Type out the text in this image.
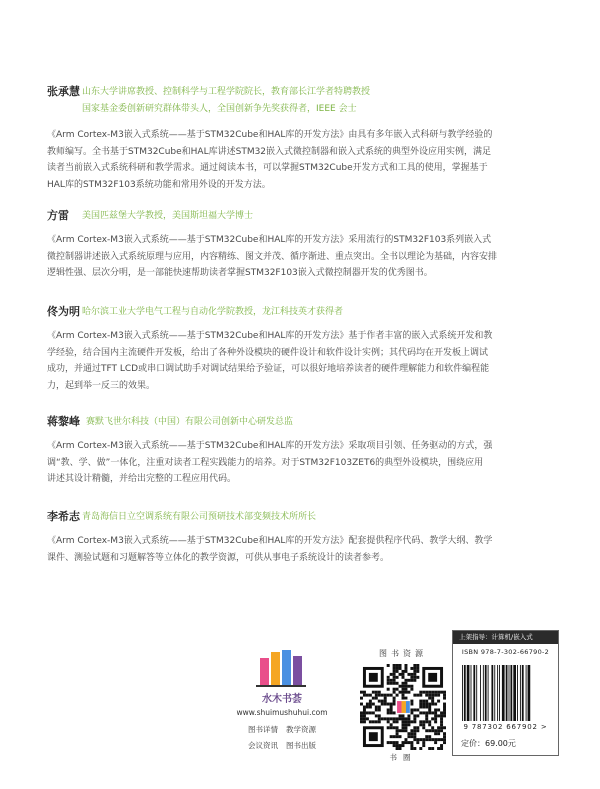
张承慧 山东大学讲席教授、控制科学与工程学院院长，教育部长江学者特聘教授
国家基金委创新研究群体带头人，全国创新争先奖获得者，IEEE 会士
《Arm Cortex-M3嵌入式系统——基于STM32Cube和HAL库的开发方法》由具有多年嵌入式科研与教学经验的
教师编写。全书基于STM32Cube和HAL库讲述STM32嵌入式微控制器和嵌入式系统的典型外设应用实例，满足
读者当前嵌入式系统科研和教学需求。通过阅读本书，可以掌握STM32Cube开发方式和工具的使用，掌握基于
HAL库的STM32F103系统功能和常用外设的开发方法。
方雷 美国匹兹堡大学教授，美国斯坦福大学博士
《Arm Cortex-M3嵌入式系统——基于STM32Cube和HAL库的开发方法》采用流行的STM32F103系列嵌入式
微控制器讲述嵌入式系统原理与应用，内容精练、图文并茂、循序渐进、重点突出。全书以理论为基础，内容安排
逻辑性强、层次分明，是一部能快速帮助读者掌握STM32F103嵌入式微控制器开发的优秀图书。
佟为明 哈尔滨工业大学电气工程与自动化学院教授，龙江科技英才获得者
《Arm Cortex-M3嵌入式系统——基于STM32Cube和HAL库的开发方法》基于作者丰富的嵌入式系统开发和教
学经验，结合国内主流硬件开发板，给出了各种外设模块的硬件设计和软件设计实例；其代码均在开发板上调试
成功，并通过TFT LCD或串口调试助手对调试结果给予验证，可以很好地培养读者的硬件理解能力和软件编程能
力，起到举一反三的效果。
蒋黎峰 赛默飞世尔科技（中国）有限公司创新中心研发总监
《Arm Cortex-M3嵌入式系统——基于STM32Cube和HAL库的开发方法》采取项目引领、任务驱动的方式，强
调“教、学、做”一体化，注重对读者工程实践能力的培养。对于STM32F103ZET6的典型外设模块，围绕应用
讲述其设计精髓，并给出完整的工程应用代码。
李希志 青岛海信日立空调系统有限公司预研技术部变频技术所所长
《Arm Cortex-M3嵌入式系统——基于STM32Cube和HAL库的开发方法》配套提供程序代码、教学大纲、教学
课件、测验试题和习题解答等立体化的教学资源，可供从事电子系统设计的读者参考。
水木书荟
www.shuimushuhui.com
图书详情 教学资源
会议资讯 图书出版
图书资源
书圈
上架指导：计算机/嵌入式
ISBN 978-7-302-66790-2
9 787302 667902 >
定价：69.00元
